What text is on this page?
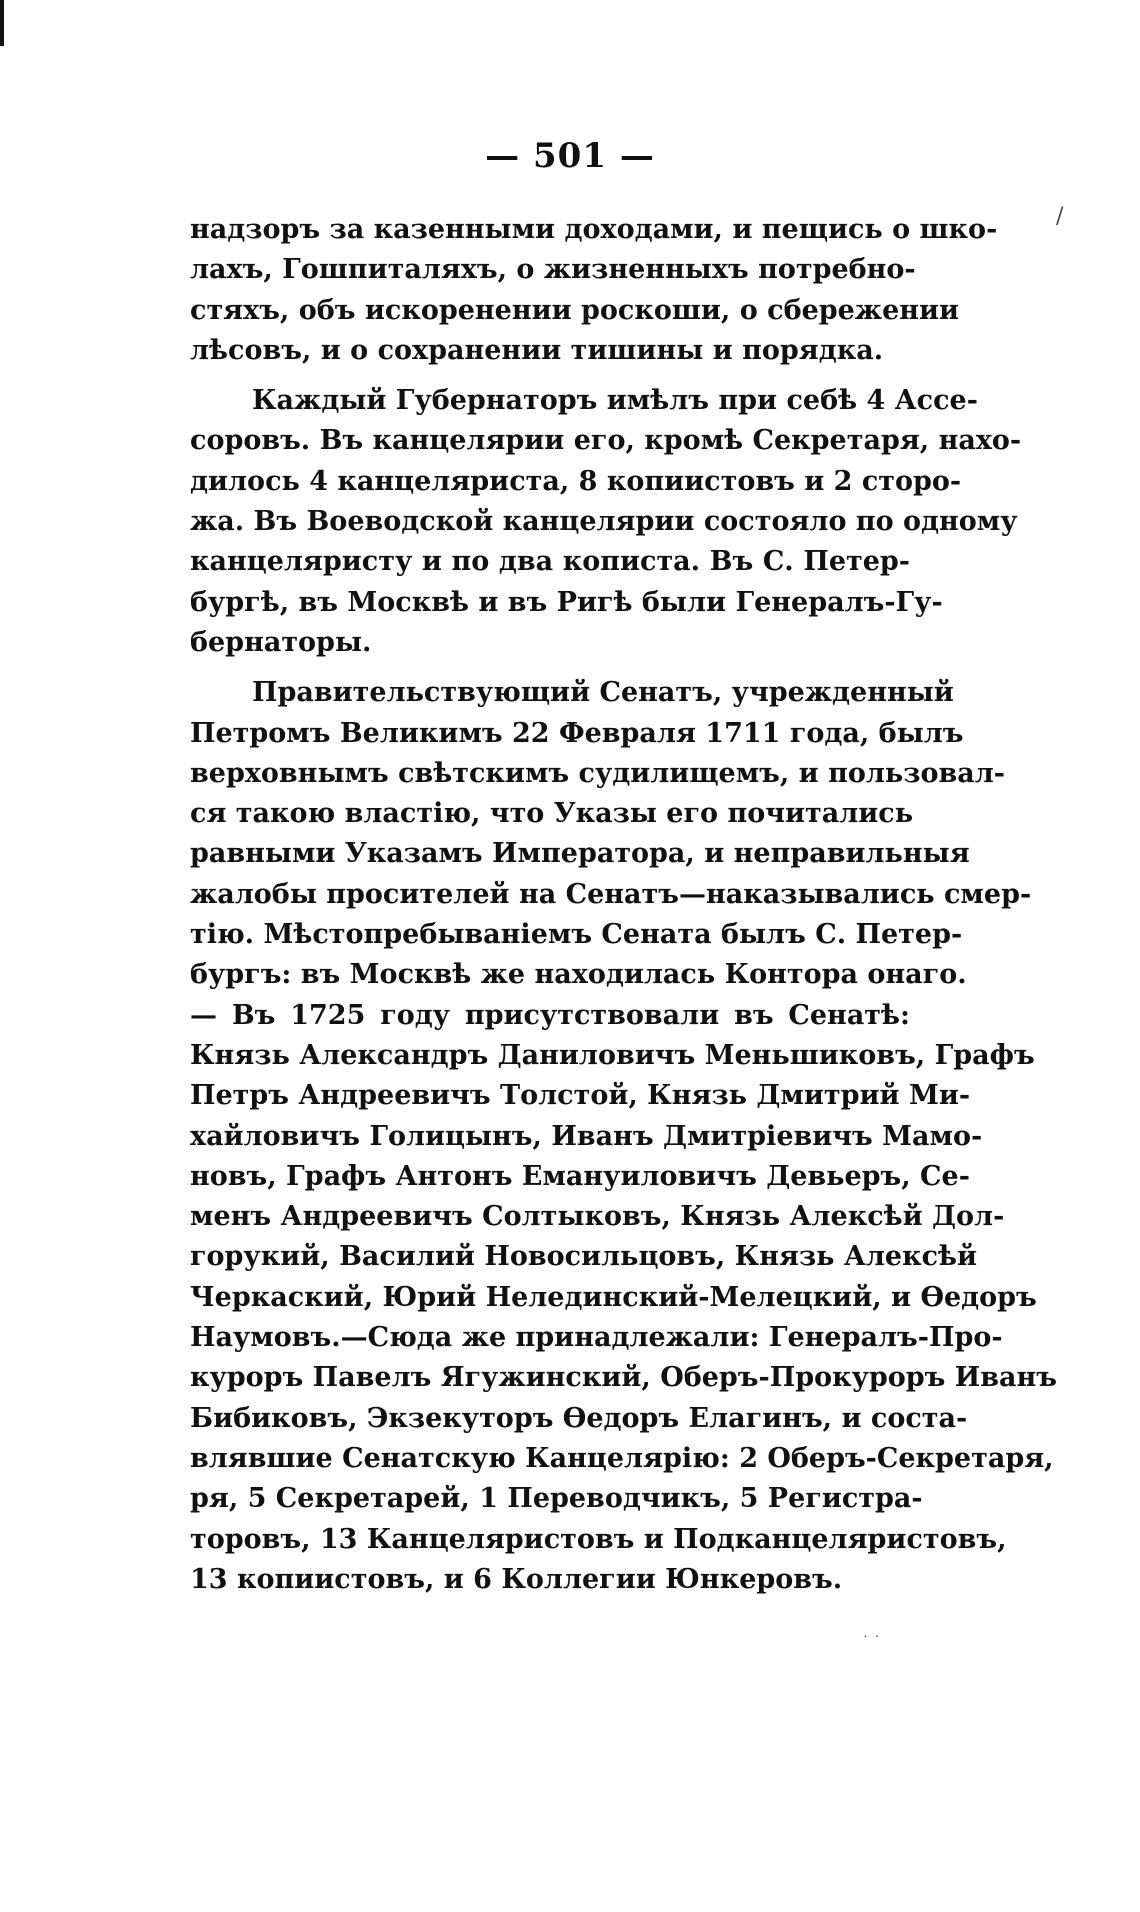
— 501 —
надзоръ за казенными доходами, и пещись о шко-
лахъ, Гошпиталяхъ, о жизненныхъ потребно-
стяхъ, объ искоренении роскоши, о сбережении
лѣсовъ, и о сохранении тишины и порядка.
Каждый Губернаторъ имѣлъ при себѣ 4 Ассе-
соровъ. Въ канцелярии его, кромѣ Секретаря, нахо-
дилось 4 канцеляриста, 8 копиистовъ и 2 сторо-
жа. Въ Воеводской канцелярии состояло по одному
канцеляристу и по два кописта. Въ С. Петер-
бургѣ, въ Москвѣ и въ Ригѣ были Генералъ-Гу-
бернаторы.
Правительствующий Сенатъ, учрежденный
Петромъ Великимъ 22 Февраля 1711 года, былъ
верховнымъ свѣтскимъ судилищемъ, и пользовал-
ся такою властію, что Указы его почитались
равными Указамъ Императора, и неправильныя
жалобы просителей на Сенатъ—наказывались смер-
тію. Мѣстопребываніемъ Сената былъ С. Петер-
бургъ: въ Москвѣ же находилась Контора онаго.
— Въ 1725 году присутствовали въ Сенатѣ:
Князь Александръ Даниловичъ Меньшиковъ, Графъ
Петръ Андреевичъ Толстой, Князь Дмитрий Ми-
хайловичъ Голицынъ, Иванъ Дмитріевичъ Мамо-
новъ, Графъ Антонъ Емануиловичъ Девьеръ, Се-
менъ Андреевичъ Солтыковъ, Князь Алексѣй Дол-
горукий, Василий Новосильцовъ, Князь Алексѣй
Черкаский, Юрий Нелединский-Мелецкий, и Ѳедоръ
Наумовъ.—Сюда же принадлежали: Генералъ-Про-
куроръ Павелъ Ягужинский, Оберъ-Прокуроръ Иванъ
Бибиковъ, Экзекуторъ Ѳедоръ Елагинъ, и соста-
влявшие Сенатскую Канцелярію: 2 Оберъ-Секретаря,
ря, 5 Секретарей, 1 Переводчикъ, 5 Регистра-
торовъ, 13 Канцеляристовъ и Подканцеляристовъ,
13 копиистовъ, и 6 Коллегии Юнкеровъ.
/
˙ ˙
